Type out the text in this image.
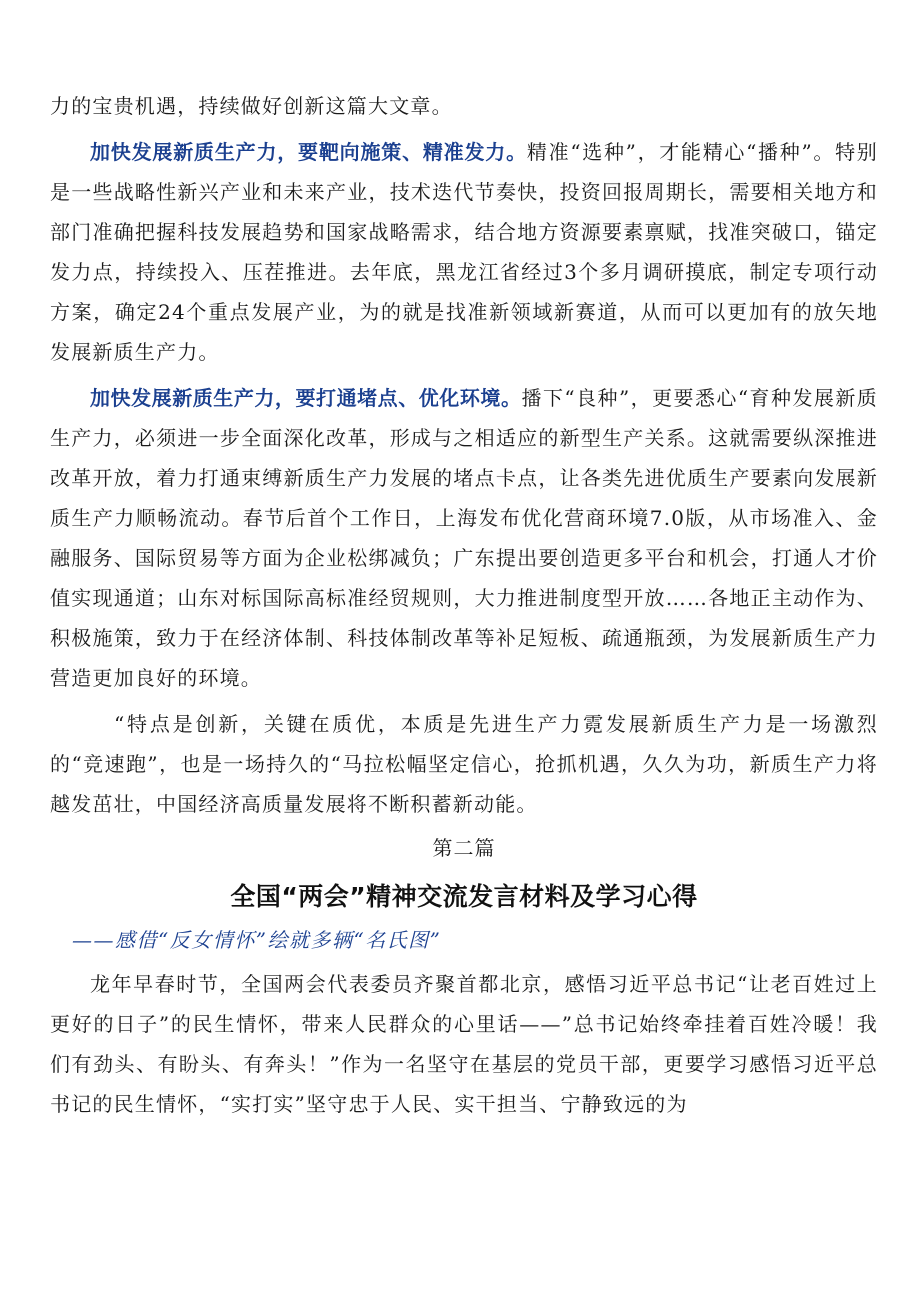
力的宝贵机遇，持续做好创新这篇大文章。

加快发展新质生产力，要靶向施策、精准发力。精准“选种”，才能精心“播种”。特别是一些战略性新兴产业和未来产业，技术迭代节奏快，投资回报周期长，需要相关地方和部门准确把握科技发展趋势和国家战略需求，结合地方资源要素禀赋，找准突破口，锚定发力点，持续投入、压茬推进。去年底，黑龙江省经过3个多月调研摸底，制定专项行动方案，确定24个重点发展产业，为的就是找准新领域新赛道，从而可以更加有的放矢地发展新质生产力。

加快发展新质生产力，要打通堵点、优化环境。播下“良种”，更要悉心“育种发展新质生产力，必须进一步全面深化改革，形成与之相适应的新型生产关系。这就需要纵深推进改革开放，着力打通束缚新质生产力发展的堵点卡点，让各类先进优质生产要素向发展新质生产力顺畅流动。春节后首个工作日，上海发布优化营商环境7.0版，从市场准入、金融服务、国际贸易等方面为企业松绑减负；广东提出要创造更多平台和机会，打通人才价值实现通道；山东对标国际高标准经贸规则，大力推进制度型开放……各地正主动作为、积极施策，致力于在经济体制、科技体制改革等补足短板、疏通瓶颈，为发展新质生产力营造更加良好的环境。

“特点是创新，关键在质优，本质是先进生产力霓发展新质生产力是一场激烈的“竞速跑”，也是一场持久的“马拉松幅坚定信心，抢抓机遇，久久为功，新质生产力将越发茁壮，中国经济高质量发展将不断积蓄新动能。

第二篇

全国“两会”精神交流发言材料及学习心得

——感借“反女情怀”绘就多辆“名氏图”

龙年早春时节，全国两会代表委员齐聚首都北京，感悟习近平总书记“让老百姓过上更好的日子”的民生情怀，带来人民群众的心里话——”总书记始终牵挂着百姓冷暖！我们有劲头、有盼头、有奔头！”作为一名坚守在基层的党员干部，更要学习感悟习近平总书记的民生情怀，“实打实”坚守忠于人民、实干担当、宁静致远的为
